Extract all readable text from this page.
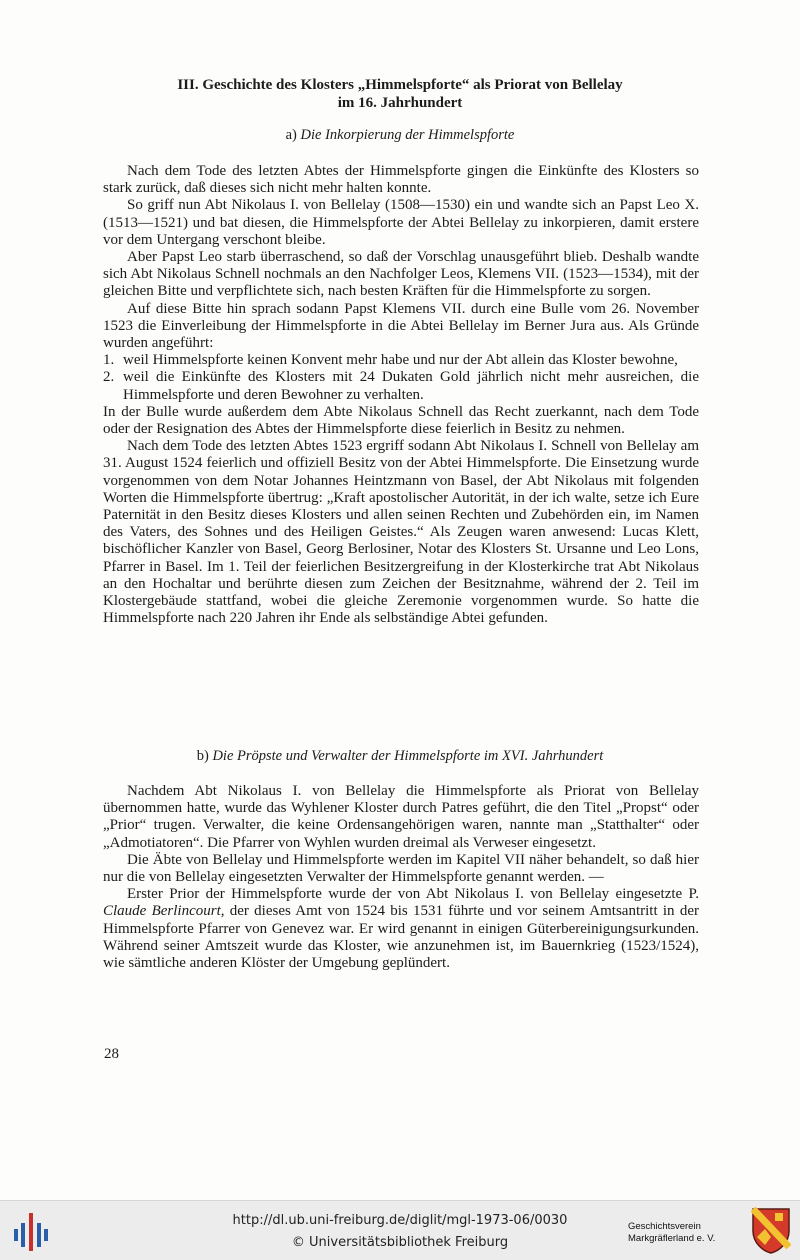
III. Geschichte des Klosters „Himmelspforte“ als Priorat von Bellelay
im 16. Jahrhundert
a) Die Inkorpierung der Himmelspforte

Nach dem Tode des letzten Abtes der Himmelspforte gingen die Einkünfte des Klosters so stark zurück, daß dieses sich nicht mehr halten konnte.

So griff nun Abt Nikolaus I. von Bellelay (1508—1530) ein und wandte sich an Papst Leo X. (1513—1521) und bat diesen, die Himmelspforte der Abtei Bellelay zu inkorpieren, damit erstere vor dem Untergang verschont bleibe.

Aber Papst Leo starb überraschend, so daß der Vorschlag unausgeführt blieb. Deshalb wandte sich Abt Nikolaus Schnell nochmals an den Nachfolger Leos, Klemens VII. (1523—1534), mit der gleichen Bitte und verpflichtete sich, nach besten Kräften für die Himmelspforte zu sorgen.

Auf diese Bitte hin sprach sodann Papst Klemens VII. durch eine Bulle vom 26. November 1523 die Einverleibung der Himmelspforte in die Abtei Bellelay im Berner Jura aus. Als Gründe wurden angeführt:

1. weil Himmelspforte keinen Konvent mehr habe und nur der Abt allein das Kloster bewohne,
2. weil die Einkünfte des Klosters mit 24 Dukaten Gold jährlich nicht mehr ausreichen, die Himmelspforte und deren Bewohner zu verhalten.

In der Bulle wurde außerdem dem Abte Nikolaus Schnell das Recht zuerkannt, nach dem Tode oder der Resignation des Abtes der Himmelspforte diese feierlich in Besitz zu nehmen.

Nach dem Tode des letzten Abtes 1523 ergriff sodann Abt Nikolaus I. Schnell von Bellelay am 31. August 1524 feierlich und offiziell Besitz von der Abtei Himmelspforte. Die Einsetzung wurde vorgenommen von dem Notar Johannes Heintzmann von Basel, der Abt Nikolaus mit folgenden Worten die Himmelspforte übertrug: „Kraft apostolischer Autorität, in der ich walte, setze ich Eure Paternität in den Besitz dieses Klosters und allen seinen Rechten und Zubehörden ein, im Namen des Vaters, des Sohnes und des Heiligen Geistes.“ Als Zeugen waren anwesend: Lucas Klett, bischöflicher Kanzler von Basel, Georg Berlosiner, Notar des Klosters St. Ursanne und Leo Lons, Pfarrer in Basel. Im 1. Teil der feierlichen Besitzergreifung in der Klosterkirche trat Abt Nikolaus an den Hochaltar und berührte diesen zum Zeichen der Besitznahme, während der 2. Teil im Klostergebäude stattfand, wobei die gleiche Zeremonie vorgenommen wurde. So hatte die Himmelspforte nach 220 Jahren ihr Ende als selbständige Abtei gefunden.

b) Die Pröpste und Verwalter der Himmelspforte im XVI. Jahrhundert

Nachdem Abt Nikolaus I. von Bellelay die Himmelspforte als Priorat von Bellelay übernommen hatte, wurde das Wyhlener Kloster durch Patres geführt, die den Titel „Propst“ oder „Prior“ trugen. Verwalter, die keine Ordensangehörigen waren, nannte man „Statthalter“ oder „Admotiatoren“. Die Pfarrer von Wyhlen wurden dreimal als Verweser eingesetzt.

Die Äbte von Bellelay und Himmelspforte werden im Kapitel VII näher behandelt, so daß hier nur die von Bellelay eingesetzten Verwalter der Himmelspforte genannt werden. —

Erster Prior der Himmelspforte wurde der von Abt Nikolaus I. von Bellelay eingesetzte P. Claude Berlincourt, der dieses Amt von 1524 bis 1531 führte und vor seinem Amtsantritt in der Himmelspforte Pfarrer von Genevez war. Er wird genannt in einigen Güterbereinigungsurkunden. Während seiner Amtszeit wurde das Kloster, wie anzunehmen ist, im Bauernkrieg (1523/1524), wie sämtliche anderen Klöster der Umgebung geplündert.

28
http://dl.ub.uni-freiburg.de/diglit/mgl-1973-06/0030
© Universitätsbibliothek Freiburg
Geschichtsverein
Markgräflerland e. V.
